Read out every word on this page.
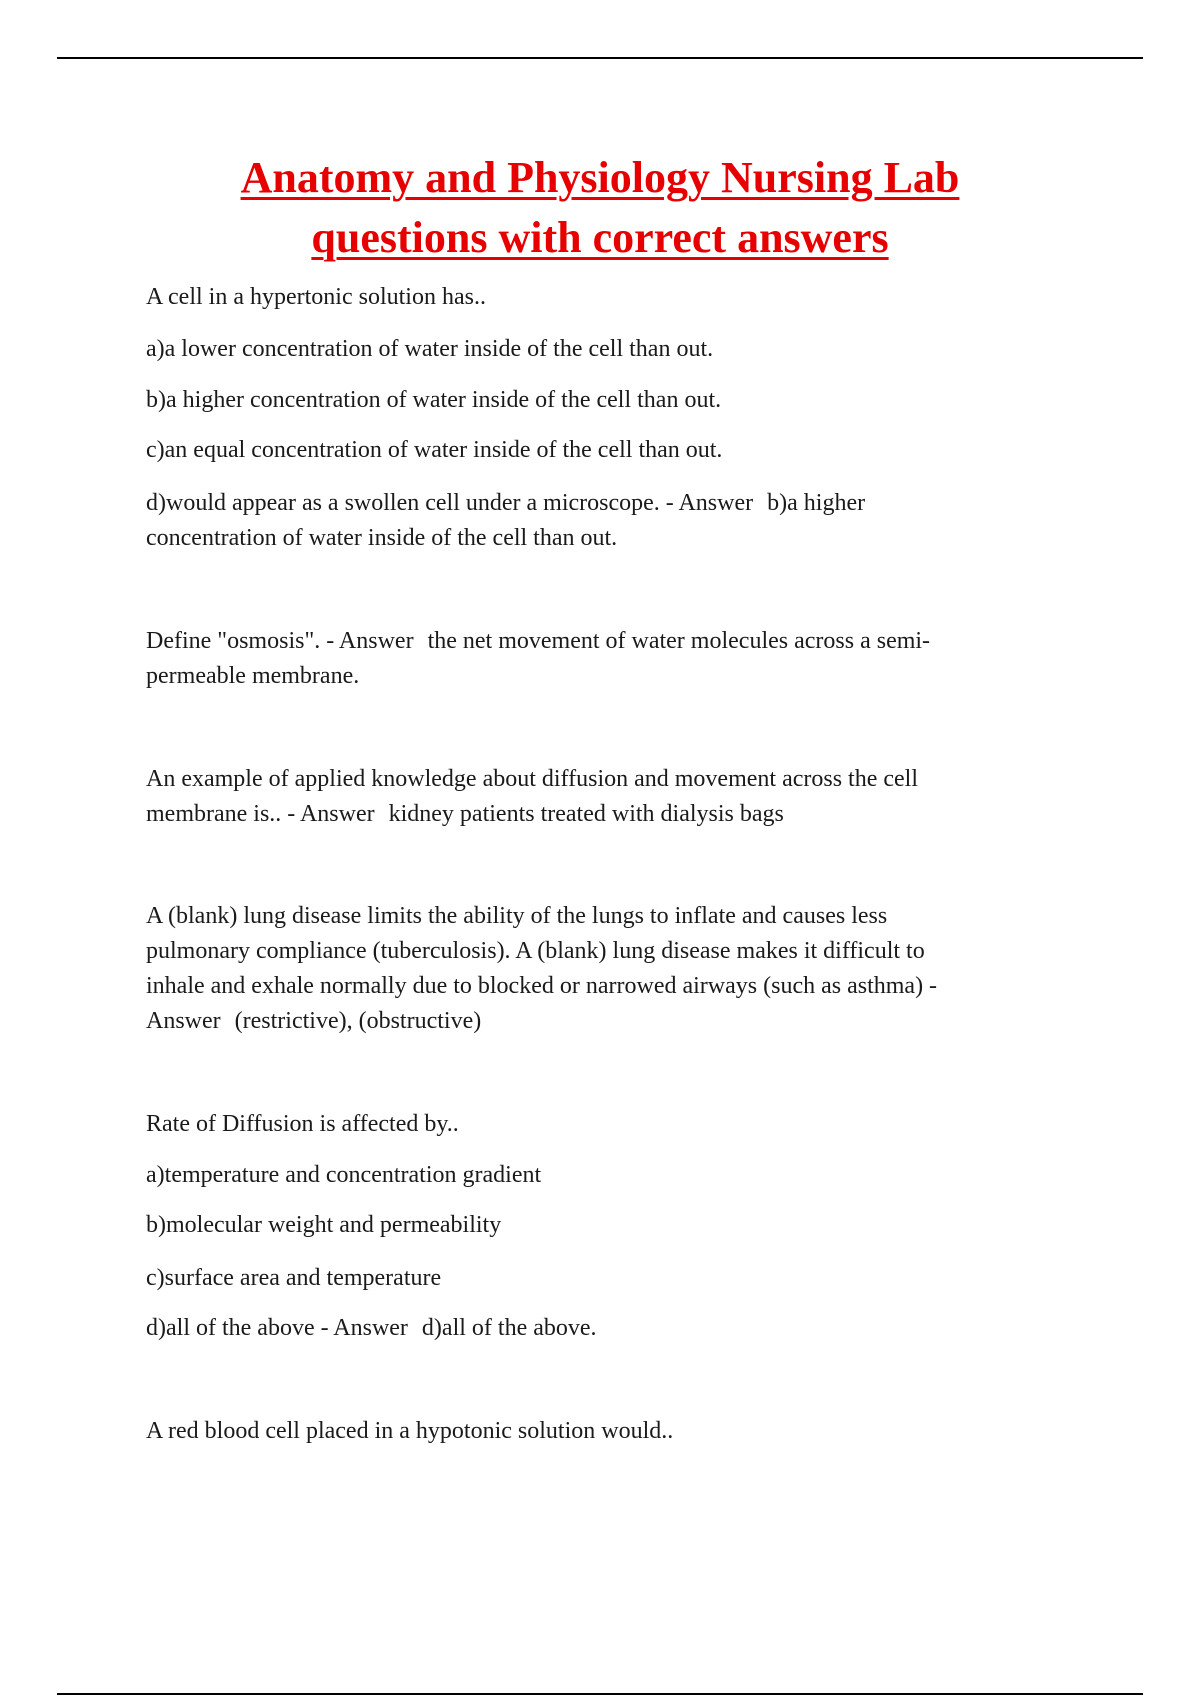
Anatomy and Physiology Nursing Lab
questions with correct answers

A cell in a hypertonic solution has..

a)a lower concentration of water inside of the cell than out.

b)a higher concentration of water inside of the cell than out.

c)an equal concentration of water inside of the cell than out.

d)would appear as a swollen cell under a microscope. - Answer b)a higher
concentration of water inside of the cell than out.

Define "osmosis". - Answer the net movement of water molecules across a semi-
permeable membrane.

An example of applied knowledge about diffusion and movement across the cell
membrane is.. - Answer kidney patients treated with dialysis bags

A (blank) lung disease limits the ability of the lungs to inflate and causes less
pulmonary compliance (tuberculosis). A (blank) lung disease makes it difficult to
inhale and exhale normally due to blocked or narrowed airways (such as asthma) -
Answer (restrictive), (obstructive)

Rate of Diffusion is affected by..

a)temperature and concentration gradient

b)molecular weight and permeability

c)surface area and temperature

d)all of the above - Answer d)all of the above.

A red blood cell placed in a hypotonic solution would..
